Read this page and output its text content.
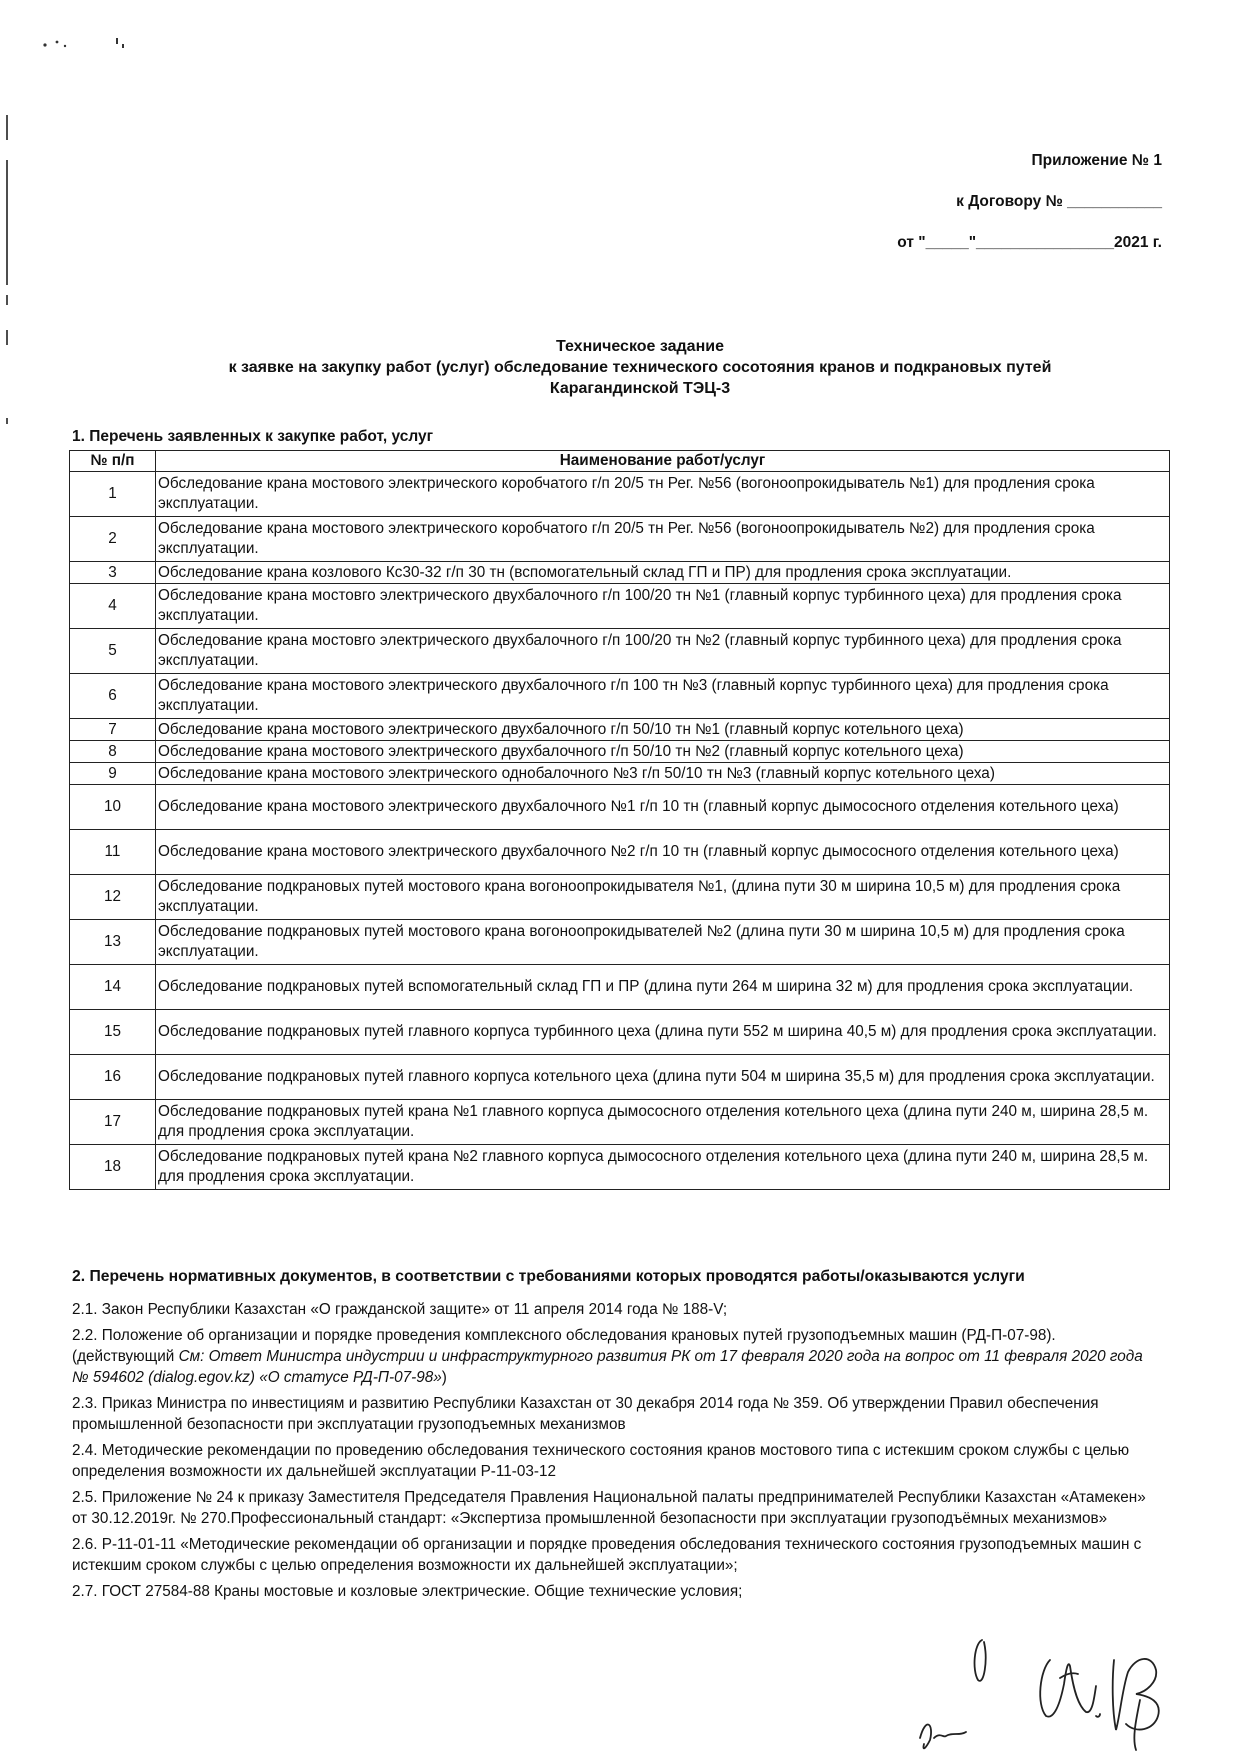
Приложение № 1
к Договору № ___________
от "_____"________________2021 г.
Техническое задание
к заявке на закупку работ (услуг) обследование технического сосотояния кранов и подкрановых путей
Карагандинской ТЭЦ-3
1. Перечень заявленных к закупке работ, услуг
№ п/п	Наименование работ/услуг
1	Обследование крана мостового электрического коробчатого г/п 20/5 тн Рег. №56 (вогоноопрокидыватель №1) для продления срока эксплуатации.
2	Обследование крана мостового электрического коробчатого г/п 20/5 тн Рег. №56 (вогоноопрокидыватель №2) для продления срока эксплуатации.
3	Обследование крана козлового Кс30-32 г/п 30 тн (вспомогательный склад ГП и ПР) для продления срока эксплуатации.
4	Обследование крана мостовго электрического двухбалочного г/п 100/20 тн №1 (главный корпус турбинного цеха) для продления срока эксплуатации.
5	Обследование крана мостовго электрического двухбалочного г/п 100/20 тн №2 (главный корпус турбинного цеха) для продления срока эксплуатации.
6	Обследование крана мостового электрического двухбалочного г/п 100 тн №3 (главный корпус турбинного цеха) для продления срока эксплуатации.
7	Обследование крана мостового электрического двухбалочного г/п 50/10 тн №1 (главный корпус котельного цеха)
8	Обследование крана мостового электрического двухбалочного г/п 50/10 тн №2 (главный корпус котельного цеха)
9	Обследование крана мостового электрического однобалочного №3 г/п 50/10 тн №3 (главный корпус котельного цеха)
10	Обследование крана мостового электрического двухбалочного №1 г/п 10 тн (главный корпус дымососного отделения котельного цеха)
11	Обследование крана мостового электрического двухбалочного №2 г/п 10 тн (главный корпус дымососного отделения котельного цеха)
12	Обследование подкрановых путей мостового крана вогоноопрокидывателя №1, (длина пути 30 м ширина 10,5 м) для продления срока эксплуатации.
13	Обследование подкрановых путей мостового крана вогоноопрокидывателей №2 (длина пути 30 м ширина 10,5 м) для продления срока эксплуатации.
14	Обследование подкрановых путей вспомогательный склад ГП и ПР (длина пути 264 м ширина 32 м) для продления срока эксплуатации.
15	Обследование подкрановых путей главного корпуса турбинного цеха (длина пути 552 м ширина 40,5 м) для продления срока эксплуатации.
16	Обследование подкрановых путей главного корпуса котельного цеха (длина пути 504 м ширина 35,5 м) для продления срока эксплуатации.
17	Обследование подкрановых путей крана №1 главного корпуса дымососного отделения котельного цеха (длина пути 240 м, ширина 28,5 м. для продления срока эксплуатации.
18	Обследование подкрановых путей крана №2 главного корпуса дымососного отделения котельного цеха (длина пути 240 м, ширина 28,5 м. для продления срока эксплуатации.
2. Перечень нормативных документов, в соответствии с требованиями которых проводятся работы/оказываются услуги

2.1. Закон Республики Казахстан «О гражданской защите» от 11 апреля 2014 года № 188-V;

2.2. Положение об организации и порядке проведения комплексного обследования крановых путей грузоподъемных машин (РД-П-07-98). (действующий См: Ответ Министра индустрии и инфраструктурного развития РК от 17 февраля 2020 года на вопрос от 11 февраля 2020 года № 594602 (dialog.egov.kz) «О статусе РД-П-07-98»)

2.3. Приказ Министра по инвестициям и развитию Республики Казахстан от 30 декабря 2014 года № 359. Об утверждении Правил обеспечения промышленной безопасности при эксплуатации грузоподъемных механизмов

2.4. Методические рекомендации по проведению обследования технического состояния кранов мостового типа с истекшим сроком службы с целью определения возможности их дальнейшей эксплуатации Р-11-03-12

2.5. Приложение № 24 к приказу Заместителя Председателя Правления Национальной палаты предпринимателей Республики Казахстан «Атамекен» от 30.12.2019г. № 270.Профессиональный стандарт: «Экспертиза промышленной безопасности при эксплуатации грузоподъёмных механизмов»

2.6. Р-11-01-11 «Методические рекомендации об организации и порядке проведения обследования технического состояния грузоподъемных машин с истекшим сроком службы с целью определения возможности их дальнейшей эксплуатации»;

2.7. ГОСТ 27584-88 Краны мостовые и козловые электрические. Общие технические условия;
